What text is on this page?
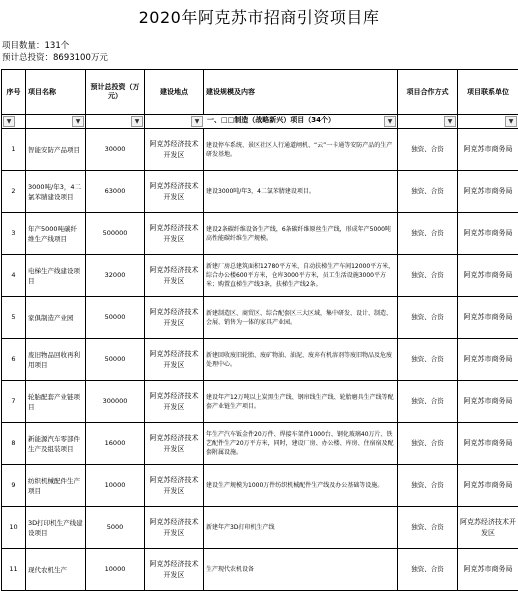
2020年阿克苏市招商引资项目库
项目数量：131个
预计总投资：8693100万元
序号	项目名称	预计总投资（万元）	建设地点	建设规模及内容	项目合作方式	项目联系单位

▼	▼	▼	▼ 一、□□制造（战略新兴）项目（34个） ▼		▼	▼

1	智能安防产品项目	30000	阿克苏经济技术开发区	建设停车系统、景区社区人行通道闸机、“云”一卡通等安防产品的生产研发基地。	独资、合资	阿克苏市商务局
2	3000吨/年3，4二氯苯腈建设项目	63000	阿克苏经济技术开发区	建设3000吨/年3，4二氯苯腈建设项目。	独资、合资	阿克苏市商务局
3	年产5000吨碳纤维生产线项目	500000	阿克苏经济技术开发区	建设2条碳纤维设备生产线，6条碳纤维原丝生产线，形成年产5000吨高性能碳纤维生产规模。	独资、合资	阿克苏市商务局
4	电梯生产线建设项目	32000	阿克苏经济技术开发区	新建厂房总建筑面积12780平方米，自动扶梯生产车间12000平方米，综合办公楼600平方米，仓库3000平方米，员工生活设施3000平方米；购置直梯生产线3条，扶梯生产线2条。	独资、合资	阿克苏市商务局
5	家俱制造产业园	50000	阿克苏经济技术开发区	新建制造区、商贸区、综合配套区三大区域，集中研发、设计、制造、会展、销售为一体的家具产业园。	独资、合资	阿克苏市商务局
6	废旧物品回收再利用项目	50000	阿克苏经济技术开发区	新建回收废旧轮胎、废矿物油、油泥、废弃有机溶剂等废旧物品及危废处理中心。	独资、合资	阿克苏市商务局
7	轮胎配套产业链项目	300000	阿克苏经济技术开发区	建设年产12万吨以上炭黑生产线、钢帘线生产线、轮胎磨具生产线等配套产业链生产项目。	独资、合资	阿克苏市商务局
8	新能源汽车零部件生产及组装项目	16000	阿克苏经济技术开发区	年生产汽车钣金件20万件、焊接车架件1000台、钢化玻璃40万片、铁艺配件生产20万平方米，同时，建设厂房、办公楼、库房、住宿宿及配套附属设施。	独资、合资	阿克苏市商务局
9	纺织机械配件生产项目	10000	阿克苏经济技术开发区	建设生产规模为1000万件纺织机械配件生产线及办公基础等设施。	独资、合资	阿克苏市商务局
10	3D打印机生产线建设项目	5000	阿克苏经济技术开发区	新建年产3D打印机生产线	独资、合资	阿克苏经济技术开发区
11	现代农机生产	10000	阿克苏经济技术开发区	生产现代农机设备	独资、合资	阿克苏市商务局
